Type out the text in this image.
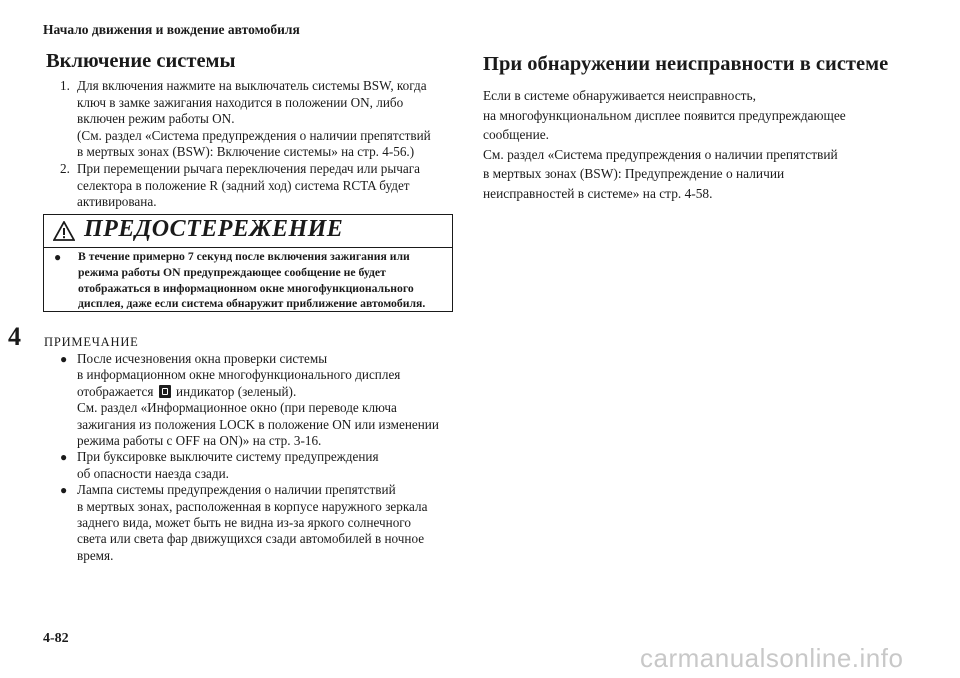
Начало движения и вождение автомобиля
4
Включение системы
1. Для включения нажмите на выключатель системы BSW, когда
ключ в замке зажигания находится в положении ON, либо
включен режим работы ON.
(См. раздел «Система предупреждения о наличии препятствий
в мертвых зонах (BSW): Включение системы» на стр. 4-56.)
2. При перемещении рычага переключения передач или рычага
селектора в положение R (задний ход) система RCTA будет
активирована.
ПРЕДОСТЕРЕЖЕНИЕ
● В течение примерно 7 секунд после включения зажигания или
режима работы ON предупреждающее сообщение не будет
отображаться в информационном окне многофункционального
дисплея, даже если система обнаружит приближение автомобиля.
ПРИМЕЧАНИЕ
● После исчезновения окна проверки системы
в информационном окне многофункционального дисплея
отображается индикатор (зеленый).
См. раздел «Информационное окно (при переводе ключа
зажигания из положения LOCK в положение ON или изменении
режима работы с OFF на ON)» на стр. 3-16.
● При буксировке выключите систему предупреждения
об опасности наезда сзади.
● Лампа системы предупреждения о наличии препятствий
в мертвых зонах, расположенная в корпусе наружного зеркала
заднего вида, может быть не видна из-за яркого солнечного
света или света фар движущихся сзади автомобилей в ночное
время.
При обнаружении неисправности в системе
Если в системе обнаруживается неисправность,
на многофункциональном дисплее появится предупреждающее
сообщение.
См. раздел «Система предупреждения о наличии препятствий
в мертвых зонах (BSW): Предупреждение о наличии
неисправностей в системе» на стр. 4-58.
4-82
carmanualsonline.info
